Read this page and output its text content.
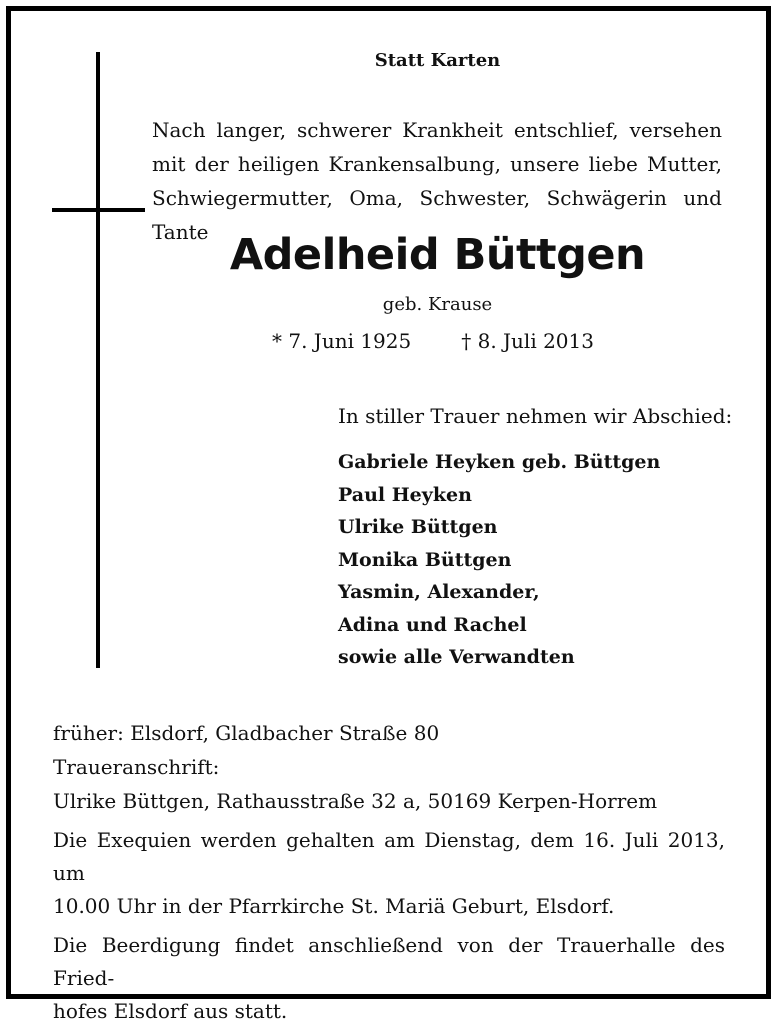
Statt Karten
Nach langer, schwerer Krankheit entschlief, versehen
mit der heiligen Krankensalbung, unsere liebe Mutter,
Schwiegermutter, Oma, Schwester, Schwägerin und Tante Adelheid Büttgen
geb. Krause
* 7. Juni 1925	† 8. Juli 2013
In stiller Trauer nehmen wir Abschied:
Gabriele Heyken geb. Büttgen
Paul Heyken
Ulrike Büttgen
Monika Büttgen
Yasmin, Alexander,
Adina und Rachel
sowie alle Verwandten
früher: Elsdorf, Gladbacher Straße 80
Traueranschrift:
Ulrike Büttgen, Rathausstraße 32 a, 50169 Kerpen-Horrem
Die Exequien werden gehalten am Dienstag, dem 16. Juli 2013, um
10.00 Uhr in der Pfarrkirche St. Mariä Geburt, Elsdorf.
Die Beerdigung findet anschließend von der Trauerhalle des Fried-
hofes Elsdorf aus statt.
